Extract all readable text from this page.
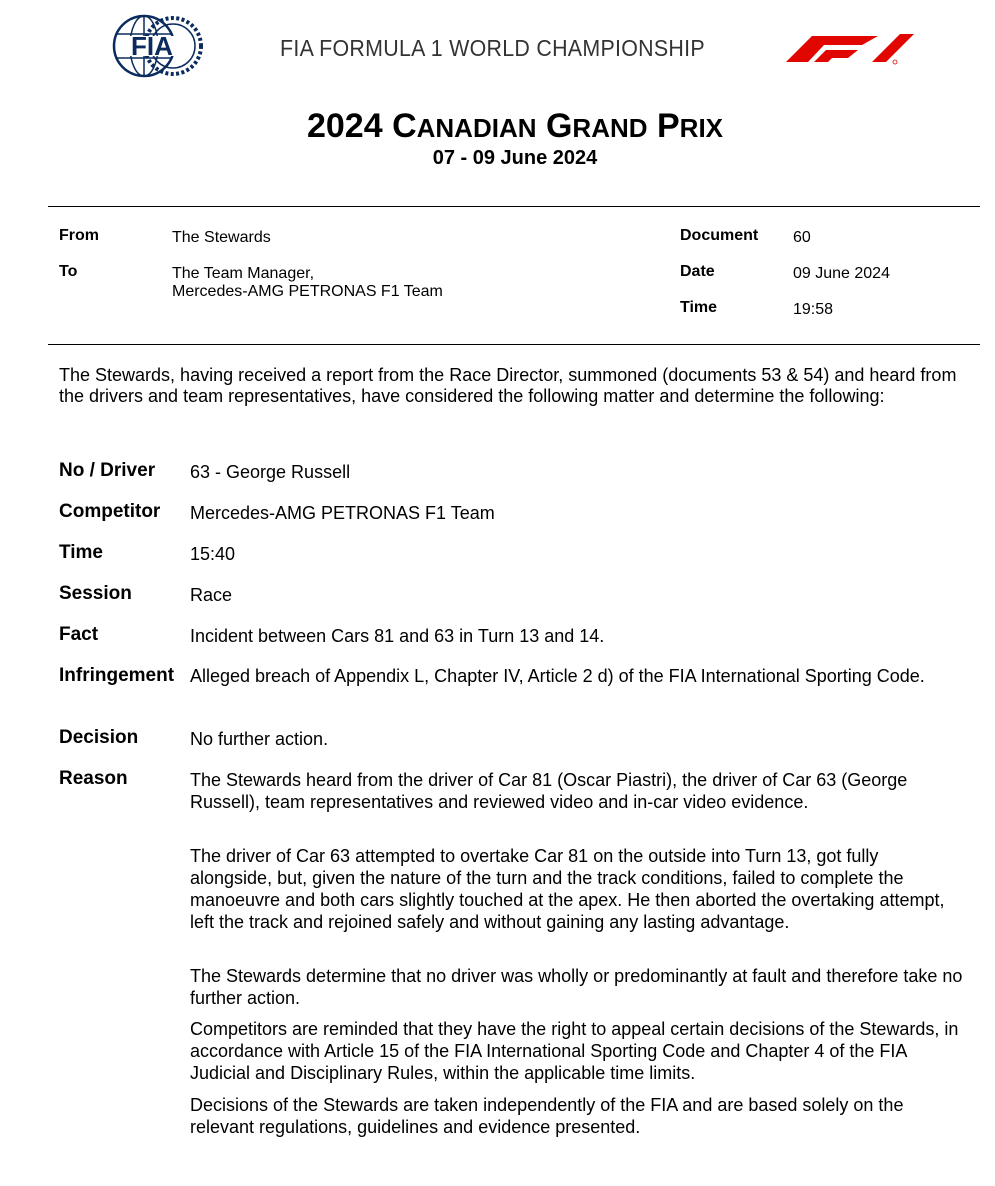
FIA	FIA FORMULA 1 WORLD CHAMPIONSHIP
2024 CANADIAN GRAND PRIX
07 - 09 June 2024
From	The Stewards
To	The Team Manager,
Mercedes-AMG PETRONAS F1 Team
Document 60
Date	09 June 2024
Time	19:58
The Stewards, having received a report from the Race Director, summoned (documents 53 & 54) and heard from the drivers and team representatives, have considered the following matter and determine the following:
No / Driver 63 - George Russell
Competitor Mercedes-AMG PETRONAS F1 Team
Time	15:40
Session	Race
Fact	Incident between Cars 81 and 63 in Turn 13 and 14.
Infringement Alleged breach of Appendix L, Chapter IV, Article 2 d) of the FIA International Sporting Code.
Decision	No further action.
Reason	The Stewards heard from the driver of Car 81 (Oscar Piastri), the driver of Car 63 (George Russell), team representatives and reviewed video and in-car video evidence.
The driver of Car 63 attempted to overtake Car 81 on the outside into Turn 13, got fully alongside, but, given the nature of the turn and the track conditions, failed to complete the manoeuvre and both cars slightly touched at the apex. He then aborted the overtaking attempt, left the track and rejoined safely and without gaining any lasting advantage.
The Stewards determine that no driver was wholly or predominantly at fault and therefore take no further action.
Competitors are reminded that they have the right to appeal certain decisions of the Stewards, in accordance with Article 15 of the FIA International Sporting Code and Chapter 4 of the FIA Judicial and Disciplinary Rules, within the applicable time limits.
Decisions of the Stewards are taken independently of the FIA and are based solely on the relevant regulations, guidelines and evidence presented.
